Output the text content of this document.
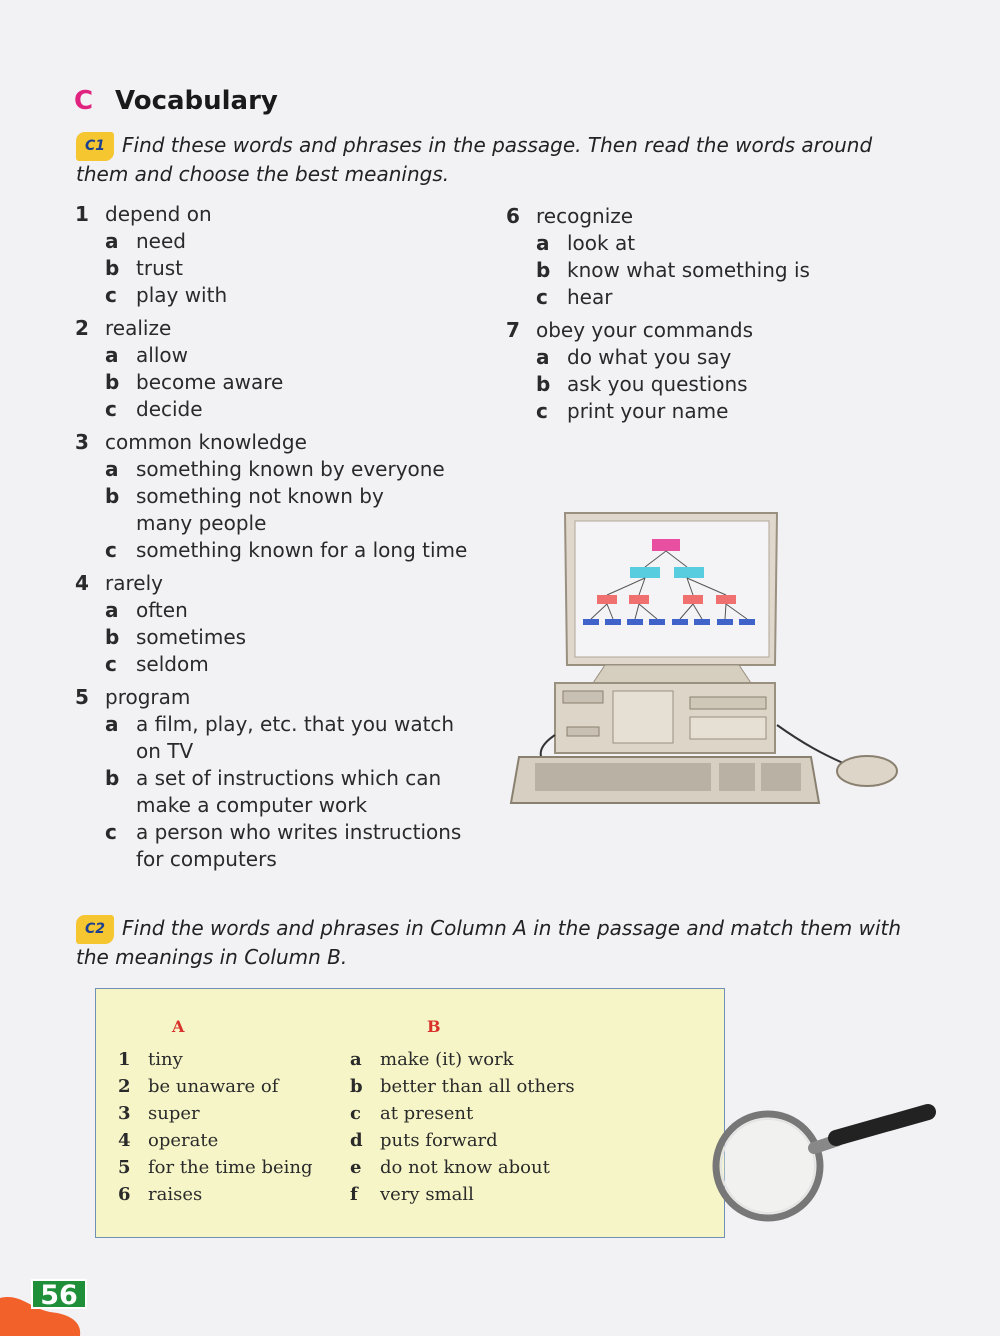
C Vocabulary
C1 Find these words and phrases in the passage. Then read the words around them and choose the best meanings.
1 depend on
a need
b trust
c play with
2 realize
a allow
b become aware
c decide
3 common knowledge
a something known by everyone
b something not known by many people
c something known for a long time
4 rarely
a often
b sometimes
c seldom
5 program
a a film, play, etc. that you watch on TV
b a set of instructions which can make a computer work
c a person who writes instructions for computers
6 recognize
a look at
b know what something is
c hear
7 obey your commands
a do what you say
b ask you questions
c print your name
C2 Find the words and phrases in Column A in the passage and match them with the meanings in Column B.
A	B
1 tiny
2 be unaware of
3 super
4 operate
5 for the time being
6 raises
a make (it) work
b better than all others
c at present
d puts forward
e do not know about
f very small
56
